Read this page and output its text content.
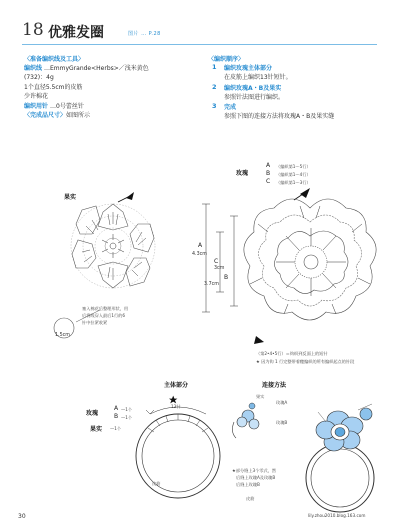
18 优雅发圈	图片 … P.28
〈准备编织线及工具〉
编织线 …EmmyGrande<Herbs>／浅米黄色
(732)：4g
1个直径5.5cm的皮筋
少许棉花
编织用针 …0号蕾丝针
〈完成品尺寸〉 如图所示
〈编织顺序〉
1 编织玫瑰主体部分
在皮筋上编织13针短针。
2 编织玫瑰A・B及果实
参照针法图进行编织。
3 完成
参照下图的连接方法将玫瑰A・B及果实缝
果实
1.5cm
塞入棉花后整理形状，用
后将线穿入最后1行的6
针中拉紧收紧
玫瑰
A （编织第1～5行）
B （编织第1～4行）
C （编织第1～3行）
A
4.3cm
C
3cm
B
3.7cm
（第2•4•5行）＝钩织到反面上的短针
★ 因为钩 1 行完整带着穗编织的所有编织起点的针段
主体部分
13针
玫瑰
A —1个
B —1个
果实 —1个
皮筋
连接方法
果实
玫瑰A
玫瑰B
★部分缝上3个零式，然
后缝上玫瑰A及玫瑰B
后缝上玫瑰B
皮筋
30	lily.zhou2010.blog.163.com
